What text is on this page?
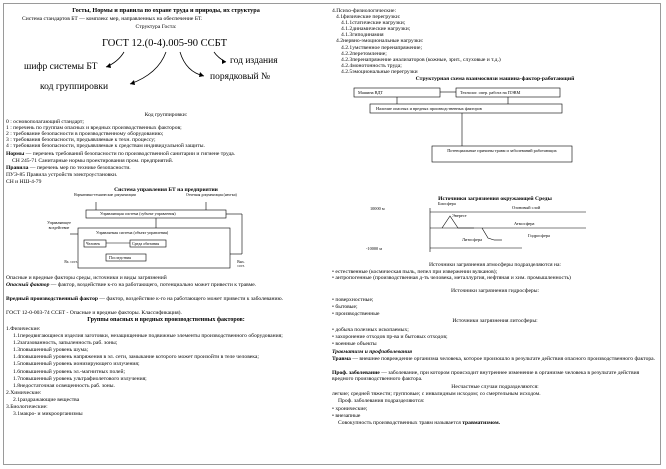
Госты, Нормы и правила по охране труда и природы, их структура
Система стандартов БТ — комплекс мер, направленных на обеспечение БТ.
Структура Госта:
ГОСТ 12.(0-4).005-90 ССБТ
шифр системы БТ
год издания
порядковый №
код группировки
Код группировки:
0 : основополагающий стандарт;
1 : перечень по группам опасных и вредных производственных факторов;
2 : требование безопасности в производственному оборудованию;
3 : требования безопасности, предъявляемые к техн. процессу;
4 : требования безопасности, предъявляемые к средствам индивидуальной защиты.
Нормы — перечень требований безопасности по производственной санитарии и гигиене труда.
СН 245-71 Санитарные нормы проектирования пром. предприятий.
Правила — перечень мер по технике безопасности.
ПУЭ-85 Правила устройств электроустановки.
СН и НШ-4-79
Система управления БТ на предприятии
Нормативно-технические документации	Отчетная документация (нем-ки)
Управляющая система (субъект управления)
Управляемая система (объект управления)
Управляющее воздействие
Человек	Среда обитания
Последствия
Вх. сост.	Вых. сост.
Опасные и вредные факторы среды, источники и виды загрязнений
Опасный фактор — фактор, воздействие к-го на работающего, потенциально может привести к травме.
Вредный производственный фактор — фактор, воздействие к-го на работающего может привести к заболеванию.
ГОСТ 12-0-003-74 ССБТ - Опасные и вредные факторы. Классификация).
Группы опасных и вредных производственных факторов:
1.Физические:
1.1передвигающиеся изделия заготовки, незащищенные подвижные элементы производственного оборудования;
1.2загазованность, запыленность раб. зоны;
1.3повышенный уровень шума;
1.4повышенный уровень напряжения в эл. сети, замыкание которого может произойти в теле человека;
1.5повышенный уровень ионизирующего излучения;
1.6повышенный уровень эл.-магнитных полей;
1.7повышенный уровень ультрафиолетового излучения;
1.8недостаточная освещенность раб. зоны.
2.Химические:
2.1раздражающие вещества
3.Биологические:
3.1макро- и микроорганизмы
4.Психо-физиологические:
4.1физические перегрузки:
4.1.1статические нагрузки;
4.1.2динамические нагрузки;
4.1.3гиподинамия
4.2нервно-эмоциональные нагрузки:
4.2.1умственное перенапряжение;
4.2.2перетомление;
4.2.3перенапряжение анализаторов (кожные, зрит., слуховые и т.д.)
4.2.4монотонность труда;
4.2.5эмоциональные перегрузки
Структурная схема взаимосвязи машина-фактор-работающий
Машина ВДТ	Технолог. опер. работа на ПЭВМ
Наличие опасных и вредных производственных факторов
Потенциальные причины травм и заболеваний работающих
Источники загрязнения окружающей Среды
10000 м
-10000 м
Биосфера
Озоновый слой
Эверест
Атмосфера
Литосфера
Гидросфера
Источники загрязнения атмосферы подразделяются на:
• естественные (космическая пыль, пепел при извержении вулканов);
• антропогенные (производственная д-ть человека, металлургия, нефтяная и хим. промышленность)
Источники загрязнения гидросферы:
• поверхностные;
• бытовые;
• производственные
Источники загрязнения литосферы:
• добыча полезных ископаемых;
• захоронение отходов пр-ва и бытовых отходов;
• военные объекты
Травматизм и профзаболевания
Травма — внешнее повреждение организма человека, которое произошло в результате действия опасного производственного фактора.
Проф. заболевание — заболевание, при котором происходит внутреннее изменение в организме человека в результате действия вредного производственного фактора.
Несчастные случаи подразделяются:
легкие; средней тяжести; групповые; с инвалидным исходом; со смертельным исходом.
Проф. заболевания подразделяются:
• хронические;
• внезапные
Совокупность производственных травм называется травматизмом.
